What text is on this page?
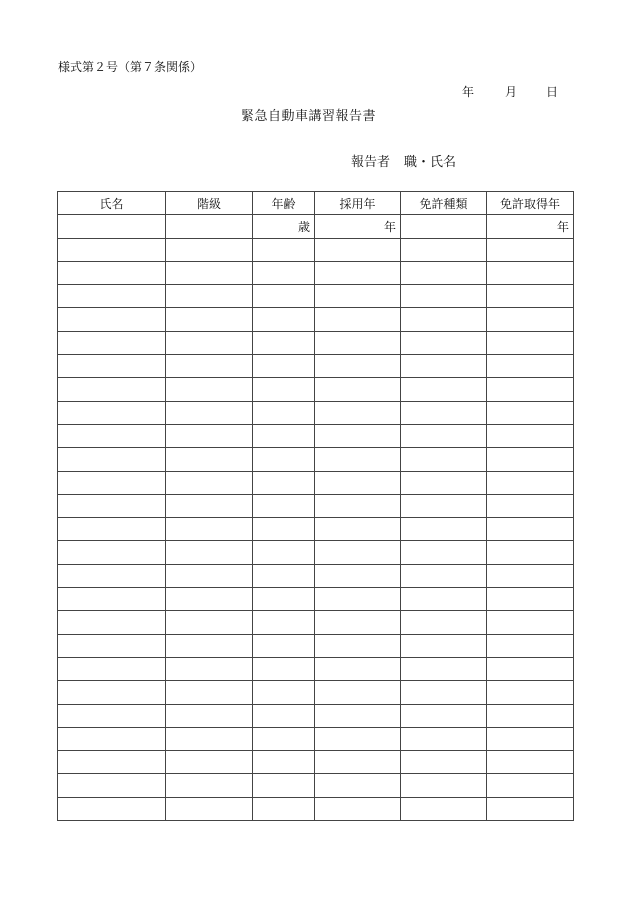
様式第２号（第７条関係）
年	月 日
緊急自動車講習報告書
報告者 職・氏名
氏名	階級	年齢	採用年	免許種類	免許取得年
		歳	年		年
